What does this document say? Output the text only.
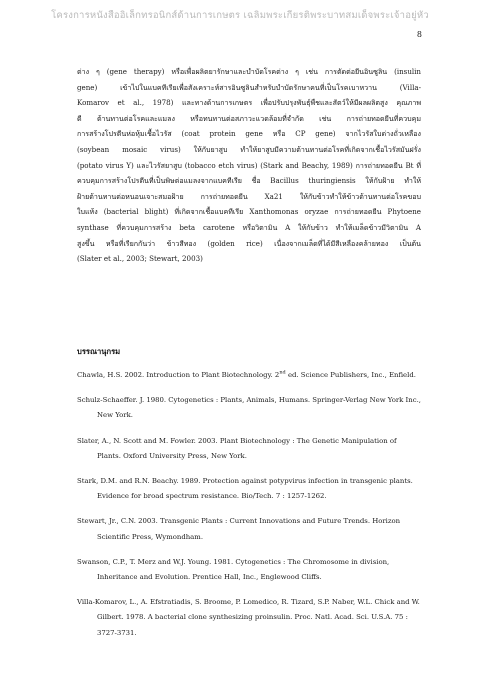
โครงการหนังสืออิเล็กทรอนิกส์ด้านการเกษตร เฉลิมพระเกียรติพระบาทสมเด็จพระเจ้าอยู่หัว
8
ต่าง ๆ (gene therapy) หรือเพื่อผลิตยารักษาและบำบัดโรคต่าง ๆ เช่น การตัดต่อยีนอินซูลิน (insulin
gene) เข้าไปในแบคทีเรียเพื่อสังเคราะห์สารอินซูลินสำหรับบำบัดรักษาคนที่เป็นโรคเบาหวาน (Villa-
Komarov et al., 1978) และทางด้านการเกษตร เพื่อปรับปรุงพันธุ์พืชและสัตว์ให้มีผลผลิตสูง คุณภาพ
ดี ต้านทานต่อโรคและแมลง หรือทนทานต่อสภาวะแวดล้อมที่จำกัด เช่น การถ่ายทอดยีนที่ควบคุม
การสร้างโปรตีนห่อหุ้มเชื้อไวรัส (coat protein gene หรือ CP gene) จากไวรัสใบด่างถั่วเหลือง
(soybean mosaic virus) ให้กับยาสูบ ทำให้ยาสูบมีความต้านทานต่อโรคที่เกิดจากเชื้อไวรัสมันฝรั่ง
(potato virus Y) และไวรัสยาสูบ (tobacco etch virus) (Stark and Beachy, 1989) การถ่ายทอดยีน Bt ที่
ควบคุมการสร้างโปรตีนที่เป็นพิษต่อแมลงจากแบคทีเรีย ชื่อ Bacillus thuringiensis ให้กับฝ้าย ทำให้
ฝ้ายต้านทานต่อหนอนเจาะสมอฝ้าย การถ่ายทอดยีน Xa21 ให้กับข้าวทำให้ข้าวต้านทานต่อโรคขอบ
ใบแห้ง (bacterial blight) ที่เกิดจากเชื้อแบคทีเรีย Xanthomonas oryzae การถ่ายทอดยีน Phytoene
synthase ที่ควบคุมการสร้าง beta carotene หรือวิตามิน A ให้กับข้าว ทำให้เมล็ดข้าวมีวิตามิน A
สูงขึ้น หรือที่เรียกกันว่า ข้าวสีทอง (golden rice) เนื่องจากเมล็ดที่ได้มีสีเหลืองคล้ายทอง เป็นต้น
(Slater et al., 2003; Stewart, 2003)
บรรณานุกรม

Chawla, H.S. 2002. Introduction to Plant Biotechnology. 2nd ed. Science Publishers, Inc., Enfield.

Schulz-Schaeffer. J. 1980. Cytogenetics : Plants, Animals, Humans. Springer-Verlag New York Inc., New York.

Slater, A., N. Scott and M. Fowler. 2003. Plant Biotechnology : The Genetic Manipulation of Plants. Oxford University Press, New York.

Stark, D.M. and R.N. Beachy. 1989. Protection against potypvirus infection in transgenic plants. Evidence for broad spectrum resistance. Bio/Tech. 7 : 1257-1262.

Stewart, Jr., C.N. 2003. Transgenic Plants : Current Innovations and Future Trends. Horizon Scientific Press, Wymondham.

Swanson, C.P., T. Merz and W.J. Young. 1981. Cytogenetics : The Chromosome in division, Inheritance and Evolution. Prentice Hall, Inc., Englewood Cliffs.

Villa-Komarov, L., A. Efstratiadis, S. Broome, P. Lomedico, R. Tizard, S.P. Naber, W.L. Chick and W. Gilbert. 1978. A bacterial clone synthesizing proinsulin. Proc. Natl. Acad. Sci. U.S.A. 75 : 3727-3731.
